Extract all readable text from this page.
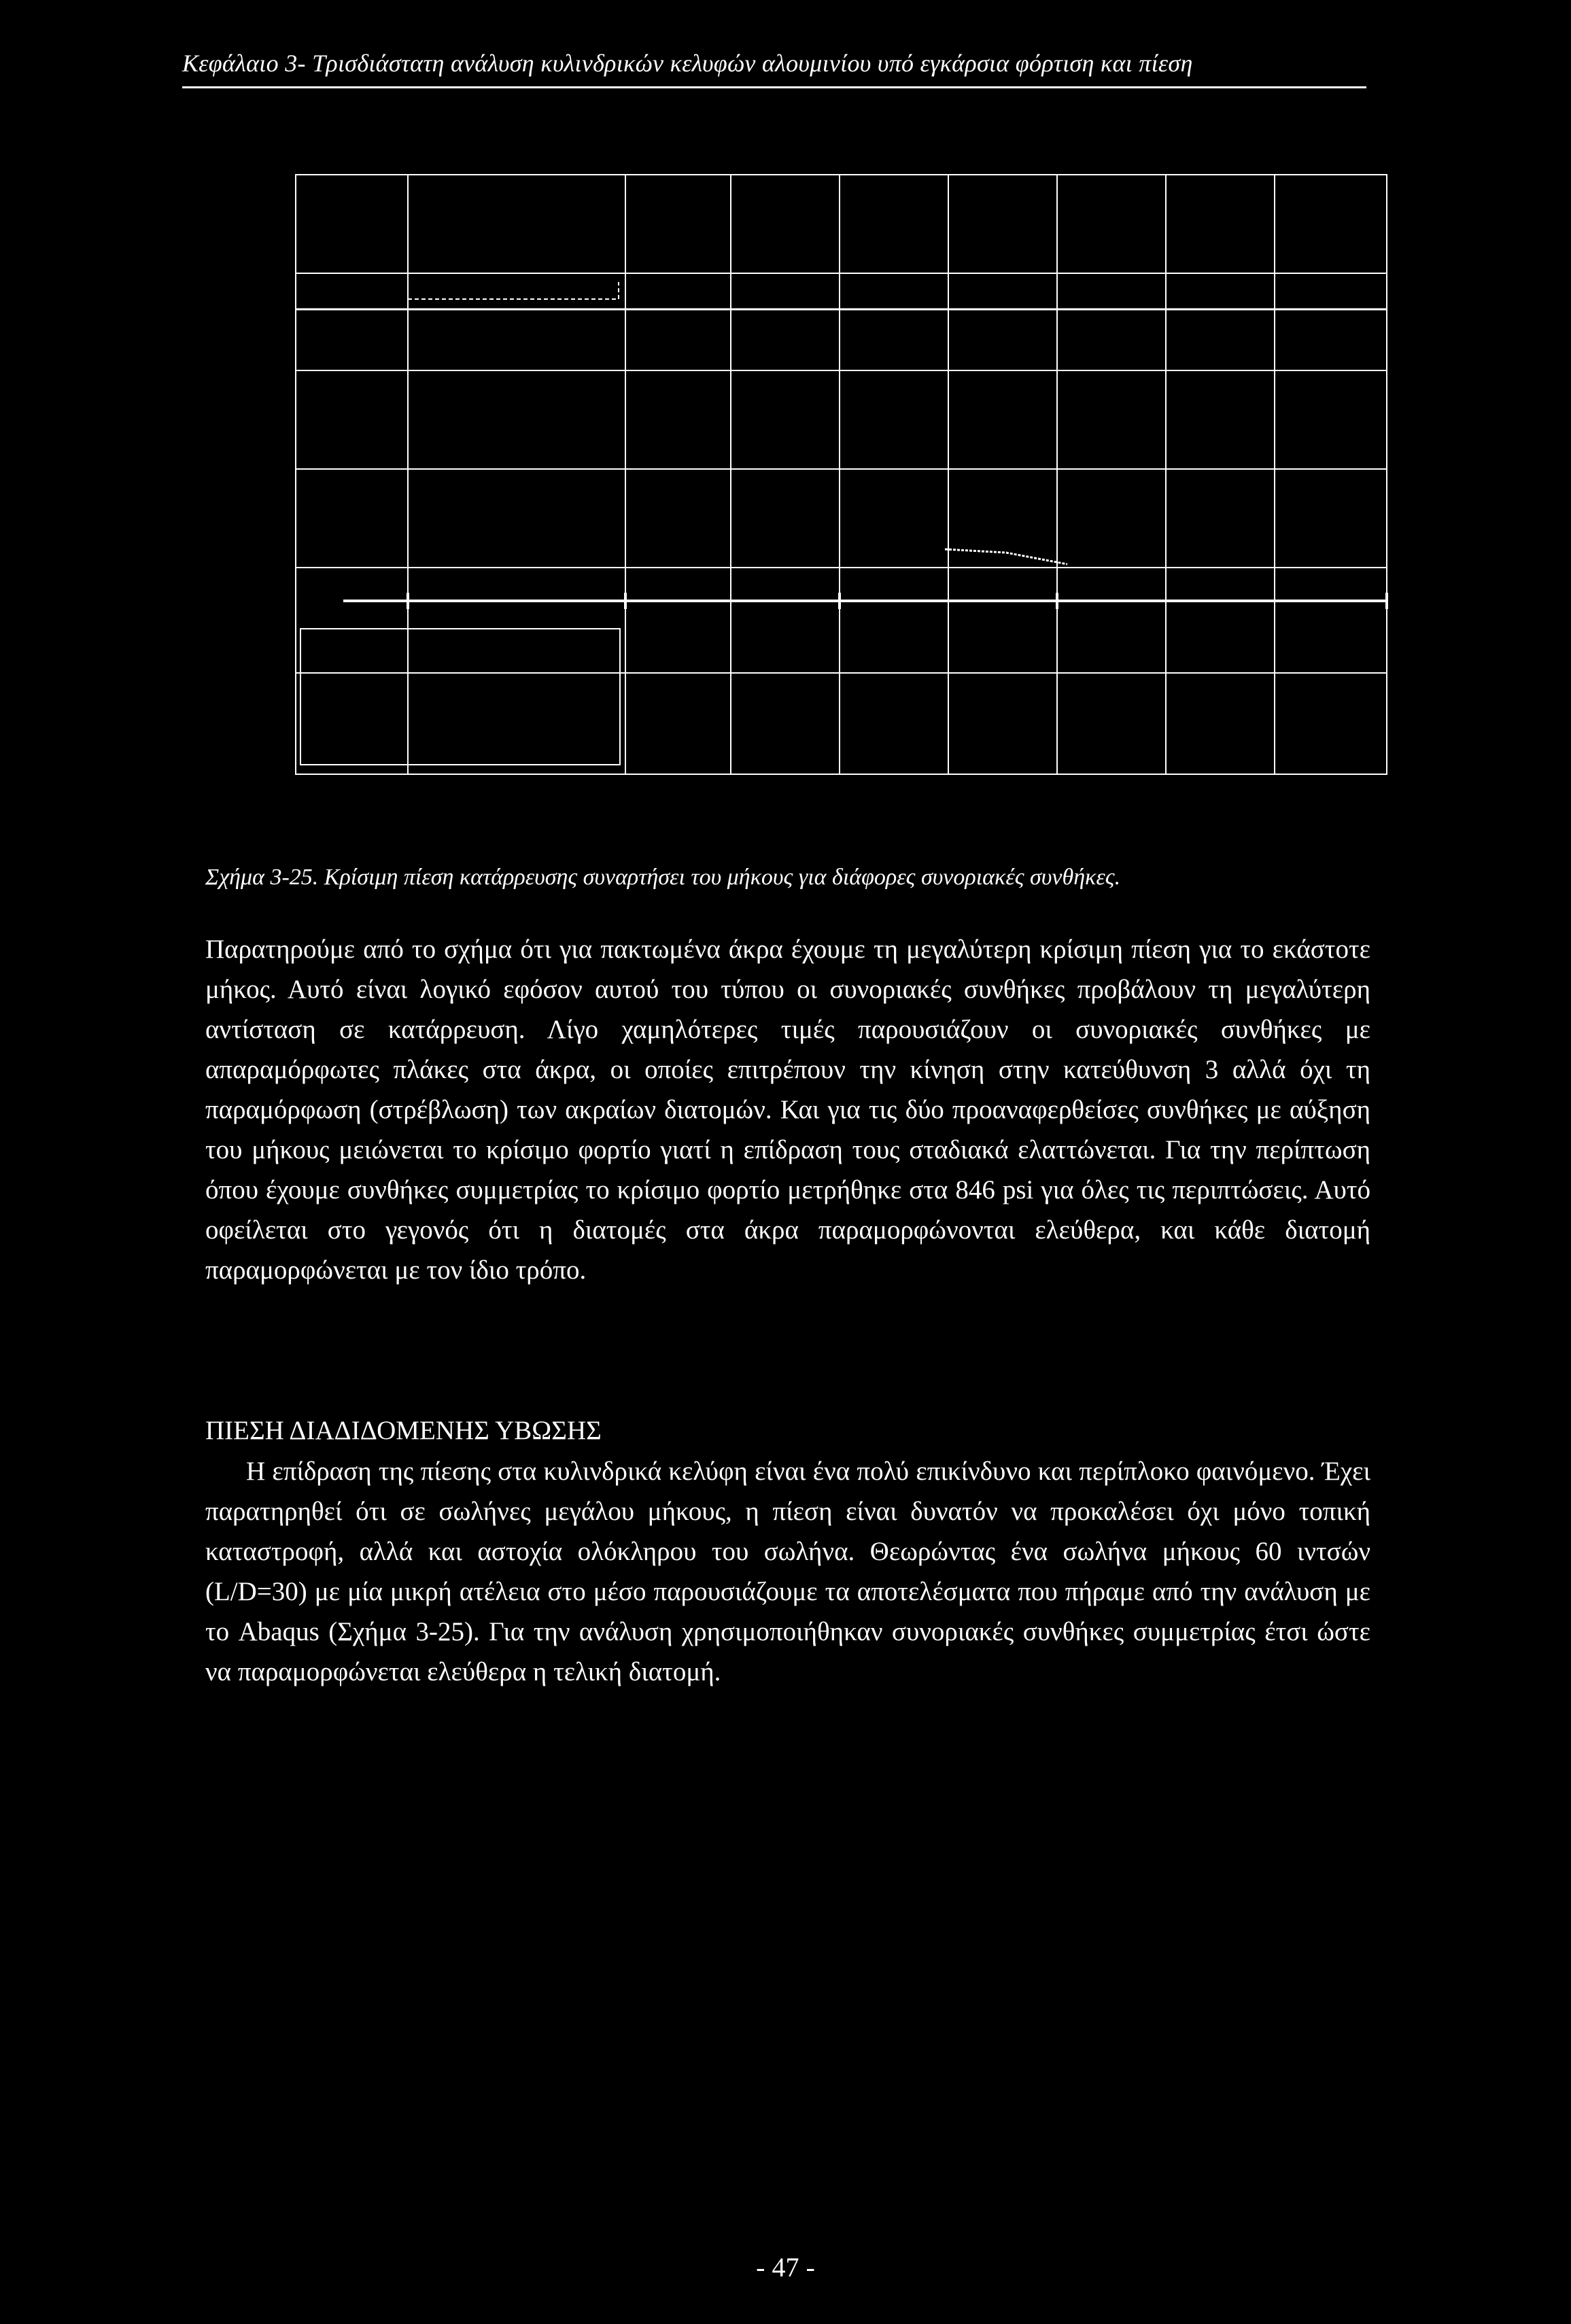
Κεφάλαιο 3- Τρισδιάστατη ανάλυση κυλινδρικών κελυφών αλουμινίου υπό εγκάρσια φόρτιση και πίεση
Σχήμα 3-25. Κρίσιμη πίεση κατάρρευσης συναρτήσει του μήκους για διάφορες συνοριακές συνθήκες.
Παρατηρούμε από το σχήμα ότι για πακτωμένα άκρα έχουμε τη μεγαλύτερη κρίσιμη πίεση για το εκάστοτε μήκος. Αυτό είναι λογικό εφόσον αυτού του τύπου οι συνοριακές συνθήκες προβάλουν τη μεγαλύτερη αντίσταση σε κατάρρευση. Λίγο χαμηλότερες τιμές παρουσιάζουν οι συνοριακές συνθήκες με απαραμόρφωτες πλάκες στα άκρα, οι οποίες επιτρέπουν την κίνηση στην κατεύθυνση 3 αλλά όχι τη παραμόρφωση (στρέβλωση) των ακραίων διατομών. Και για τις δύο προαναφερθείσες συνθήκες με αύξηση του μήκους μειώνεται το κρίσιμο φορτίο γιατί η επίδραση τους σταδιακά ελαττώνεται. Για την περίπτωση όπου έχουμε συνθήκες συμμετρίας το κρίσιμο φορτίο μετρήθηκε στα 846 psi για όλες τις περιπτώσεις. Αυτό οφείλεται στο γεγονός ότι η διατομές στα άκρα παραμορφώνονται ελεύθερα, και κάθε διατομή παραμορφώνεται με τον ίδιο τρόπο.
ΠΙΕΣΗ ΔΙΑΔΙΔΟΜΕΝΗΣ ΥΒΩΣΗΣ
Η επίδραση της πίεσης στα κυλινδρικά κελύφη είναι ένα πολύ επικίνδυνο και περίπλοκο φαινόμενο. Έχει παρατηρηθεί ότι σε σωλήνες μεγάλου μήκους, η πίεση είναι δυνατόν να προκαλέσει όχι μόνο τοπική καταστροφή, αλλά και αστοχία ολόκληρου του σωλήνα. Θεωρώντας ένα σωλήνα μήκους 60 ιντσών (L/D=30) με μία μικρή ατέλεια στο μέσο παρουσιάζουμε τα αποτελέσματα που πήραμε από την ανάλυση με το Abaqus (Σχήμα 3-25). Για την ανάλυση χρησιμοποιήθηκαν συνοριακές συνθήκες συμμετρίας έτσι ώστε να παραμορφώνεται ελεύθερα η τελική διατομή.
- 47 -
